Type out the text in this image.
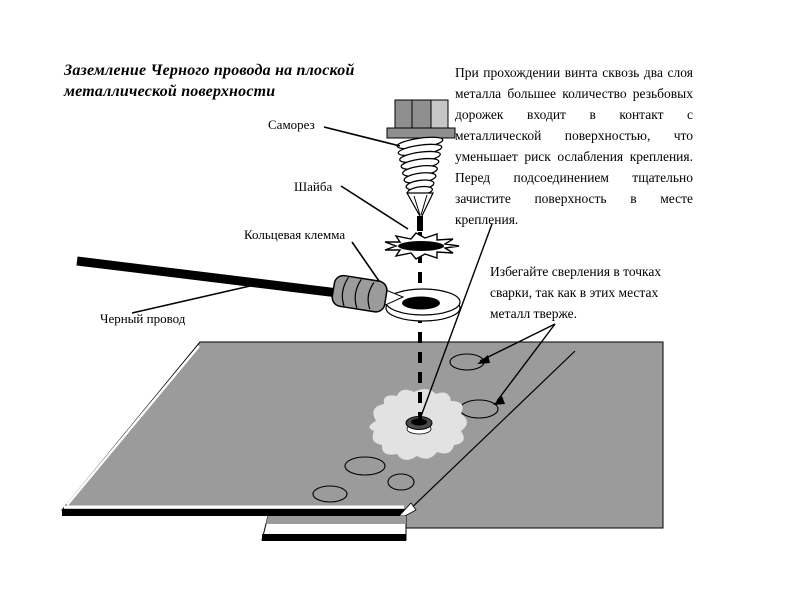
Заземление Черного провода на плоской металлической поверхности
При прохождении винта сквозь два слоя металла большее количество резьбовых дорожек входит в контакт с металлической поверхностью, что уменьшает риск ослабления крепления. Перед подсоединением тщательно зачистите поверхность в месте крепления.
Избегайте сверления в точках сварки, так как в этих местах металл тверже.
Саморез
Шайба
Кольцевая клемма
Черный провод
